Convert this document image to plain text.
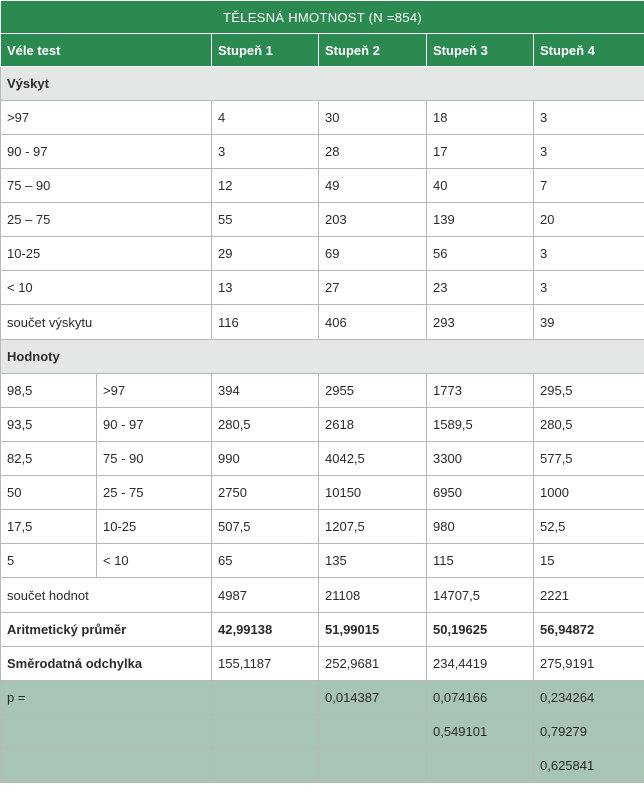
TĚLESNÁ HMOTNOST (N =854)					
Véle test		Stupeň 1	Stupeň 2	Stupeň 3	Stupeň 4
Výskyt					
>97		4	30	18	3
90 - 97		3	28	17	3
75 – 90		12	49	40	7
25 – 75		55	203	139	20
10-25		29	69	56	3
< 10		13	27	23	3
součet výskytu		116	406	293	39
Hodnoty					
98,5	>97	394	2955	1773	295,5
93,5	90 - 97	280,5	2618	1589,5	280,5
82,5	75 - 90	990	4042,5	3300	577,5
50	25 - 75	2750	10150	6950	1000
17,5	10-25	507,5	1207,5	980	52,5
5	< 10	65	135	115	15
součet hodnot		4987	21108	14707,5	2221
Aritmetický průměr		42,99138	51,99015	50,19625	56,94872
Směrodatná odchylka		155,1187	252,9681	234,4419	275,9191
p =			0,014387	0,074166	0,234264
				0,549101	0,79279
					0,625841
